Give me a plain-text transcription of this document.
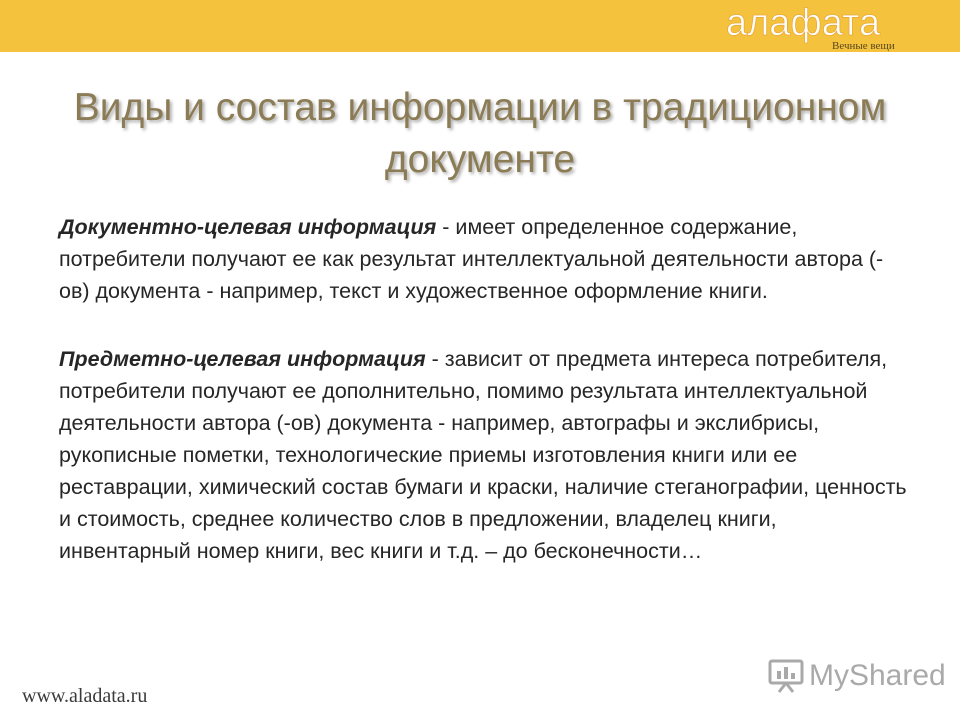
алафата
Вечные вещи
Виды и состав информации в традиционном
документе

Документно-целевая информация - имеет определенное содержание, потребители получают ее как результат интеллектуальной деятельности автора (-ов) документа - например, текст и художественное оформление книги.

Предметно-целевая информация - зависит от предмета интереса потребителя, потребители получают ее дополнительно, помимо результата интеллектуальной деятельности автора (-ов) документа - например, автографы и экслибрисы, рукописные пометки, технологические приемы изготовления книги или ее реставрации, химический состав бумаги и краски, наличие стеганографии, ценность и стоимость, среднее количество слов в предложении, владелец книги, инвентарный номер книги, вес книги и т.д. – до бесконечности…

www.aladata.ru
MyShared
